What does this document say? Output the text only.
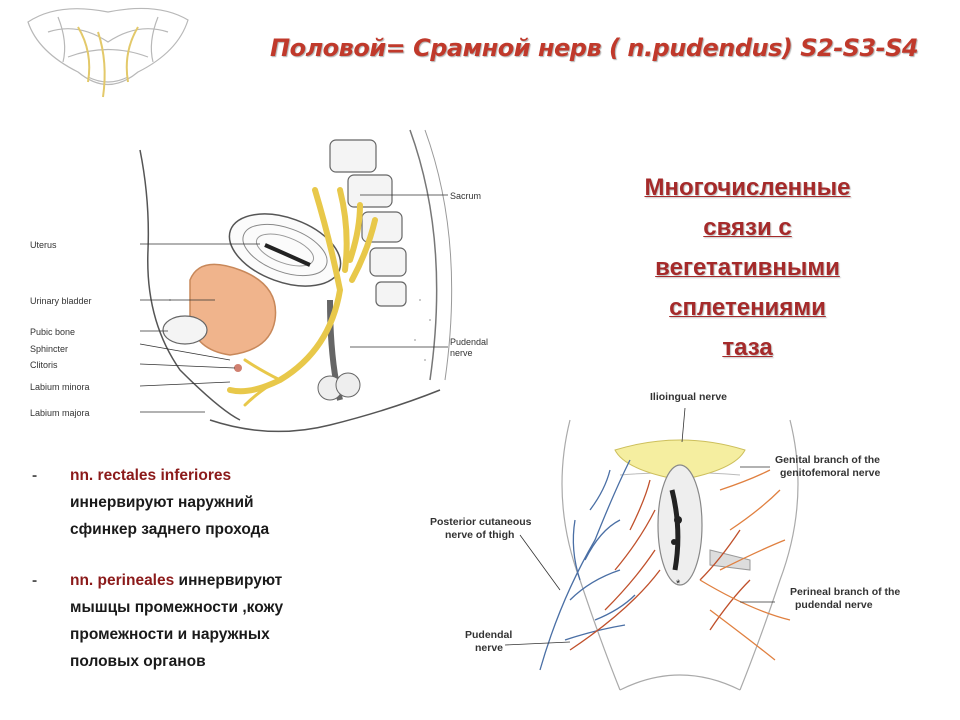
Половой= Срамной нерв ( n.pudendus) S2-S3-S4
Uterus
Urinary bladder
Pubic bone
Sphincter
Clitoris
Labium minora
Labium majora
Sacrum
Pudendal
nerve
Многочисленные
связи с
вегетативными
сплетениями
таза
- nn. rectales inferiores
иннервируют наружний
сфинкер заднего прохода
- nn. perineales иннервируют
мышцы промежности ,кожу
промежности и наружных
половых органов
*
Ilioingual nerve
Genital branch of the
genitofemoral nerve
Posterior cutaneous
nerve of thigh
Perineal branch of the
pudendal nerve
Pudendal
nerve
